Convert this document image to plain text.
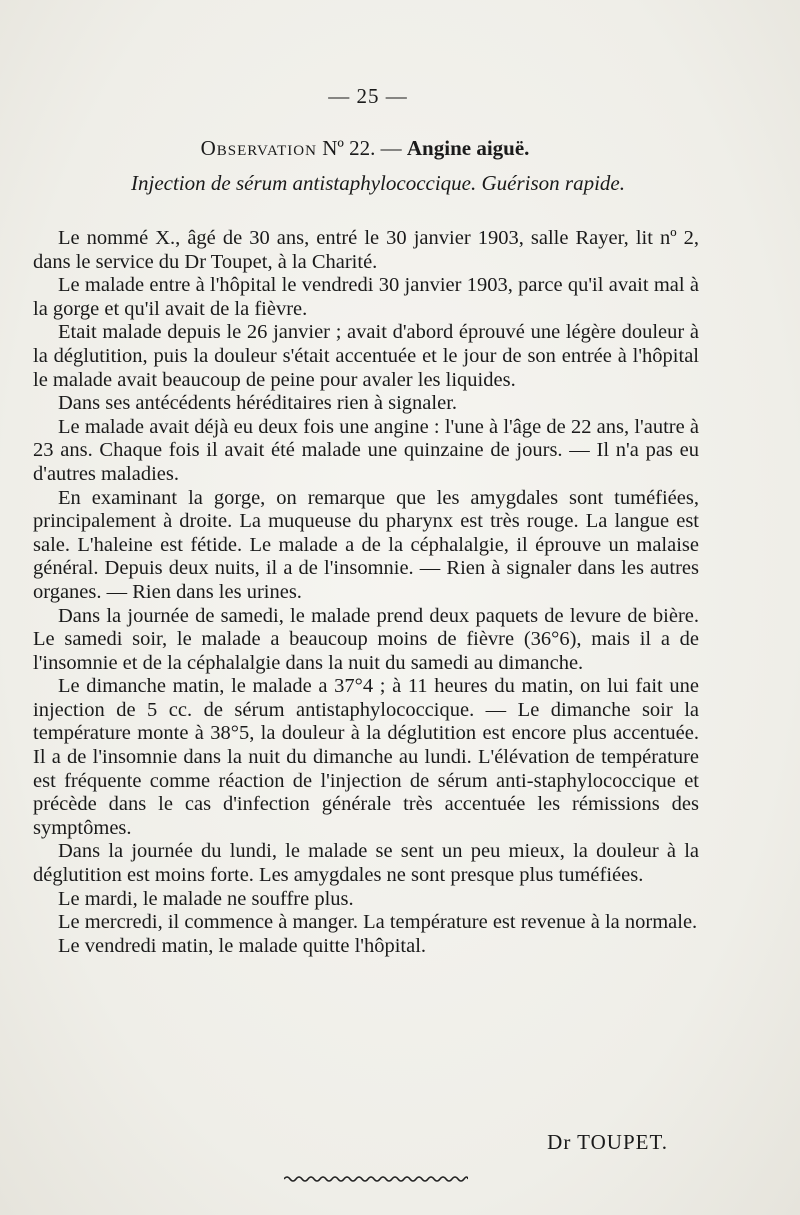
— 25 —
Observation Nº 22. — Angine aiguë.
Injection de sérum antistaphylococcique. Guérison rapide.

Le nommé X., âgé de 30 ans, entré le 30 janvier 1903, salle Rayer, lit nº 2, dans le service du Dr Toupet, à la Charité.

Le malade entre à l'hôpital le vendredi 30 janvier 1903, parce qu'il avait mal à la gorge et qu'il avait de la fièvre.

Etait malade depuis le 26 janvier ; avait d'abord éprouvé une légère douleur à la déglutition, puis la douleur s'était accentuée et le jour de son entrée à l'hôpital le malade avait beaucoup de peine pour avaler les liquides.

Dans ses antécédents héréditaires rien à signaler.

Le malade avait déjà eu deux fois une angine : l'une à l'âge de 22 ans, l'autre à 23 ans. Chaque fois il avait été malade une quinzaine de jours. — Il n'a pas eu d'autres maladies.

En examinant la gorge, on remarque que les amygdales sont tuméfiées, principalement à droite. La muqueuse du pharynx est très rouge. La langue est sale. L'haleine est fétide. Le malade a de la céphalalgie, il éprouve un malaise général. Depuis deux nuits, il a de l'insomnie. — Rien à signaler dans les autres organes. — Rien dans les urines.

Dans la journée de samedi, le malade prend deux paquets de levure de bière. Le samedi soir, le malade a beaucoup moins de fièvre (36°6), mais il a de l'insomnie et de la céphalalgie dans la nuit du samedi au dimanche.

Le dimanche matin, le malade a 37°4 ; à 11 heures du matin, on lui fait une injection de 5 cc. de sérum antistaphylococcique. — Le dimanche soir la température monte à 38°5, la douleur à la déglutition est encore plus accentuée. Il a de l'insomnie dans la nuit du dimanche au lundi. L'élévation de température est fréquente comme réaction de l'injection de sérum anti-staphylococcique et précède dans le cas d'infection générale très accentuée les rémissions des symptômes.

Dans la journée du lundi, le malade se sent un peu mieux, la douleur à la déglutition est moins forte. Les amygdales ne sont presque plus tuméfiées.

Le mardi, le malade ne souffre plus.

Le mercredi, il commence à manger. La température est revenue à la normale.

Le vendredi matin, le malade quitte l'hôpital.

Dr TOUPET.
